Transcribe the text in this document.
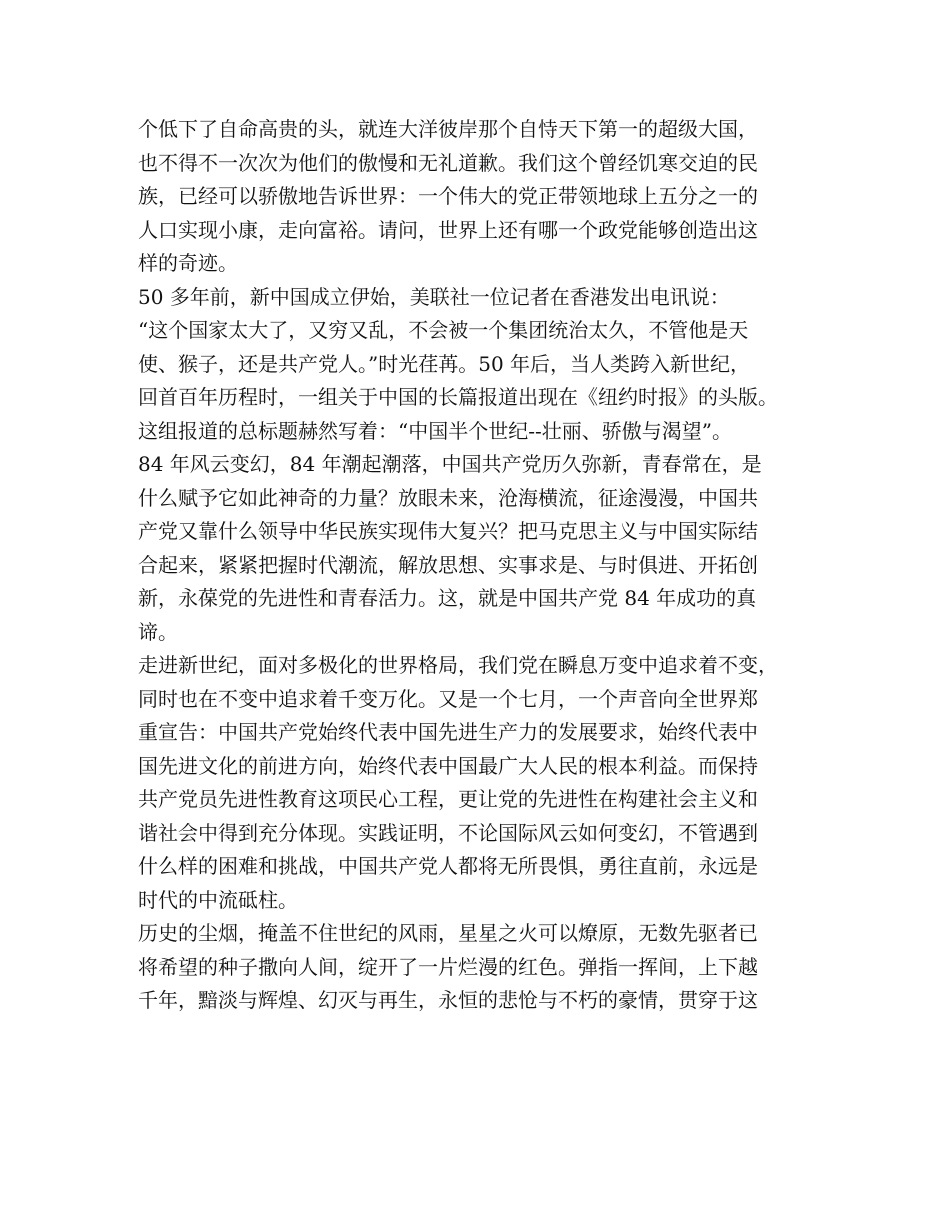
个低下了自命高贵的头，就连大洋彼岸那个自恃天下第一的超级大国，
也不得不一次次为他们的傲慢和无礼道歉。我们这个曾经饥寒交迫的民
族，已经可以骄傲地告诉世界：一个伟大的党正带领地球上五分之一的
人口实现小康，走向富裕。请问，世界上还有哪一个政党能够创造出这
样的奇迹。
50 多年前，新中国成立伊始，美联社一位记者在香港发出电讯说：
“这个国家太大了，又穷又乱，不会被一个集团统治太久，不管他是天
使、猴子，还是共产党人。”时光荏苒。50 年后，当人类跨入新世纪，
回首百年历程时，一组关于中国的长篇报道出现在《纽约时报》的头版。
这组报道的总标题赫然写着：“中国半个世纪--壮丽、骄傲与渴望”。
84 年风云变幻，84 年潮起潮落，中国共产党历久弥新，青春常在，是
什么赋予它如此神奇的力量？放眼未来，沧海横流，征途漫漫，中国共
产党又靠什么领导中华民族实现伟大复兴？把马克思主义与中国实际结
合起来，紧紧把握时代潮流，解放思想、实事求是、与时俱进、开拓创
新，永葆党的先进性和青春活力。这，就是中国共产党 84 年成功的真
谛。
走进新世纪，面对多极化的世界格局，我们党在瞬息万变中追求着不变，
同时也在不变中追求着千变万化。又是一个七月，一个声音向全世界郑
重宣告：中国共产党始终代表中国先进生产力的发展要求，始终代表中
国先进文化的前进方向，始终代表中国最广大人民的根本利益。而保持
共产党员先进性教育这项民心工程，更让党的先进性在构建社会主义和
谐社会中得到充分体现。实践证明，不论国际风云如何变幻，不管遇到
什么样的困难和挑战，中国共产党人都将无所畏惧，勇往直前，永远是
时代的中流砥柱。
历史的尘烟，掩盖不住世纪的风雨，星星之火可以燎原，无数先驱者已
将希望的种子撒向人间，绽开了一片烂漫的红色。弹指一挥间，上下越
千年，黯淡与辉煌、幻灭与再生，永恒的悲怆与不朽的豪情，贯穿于这
